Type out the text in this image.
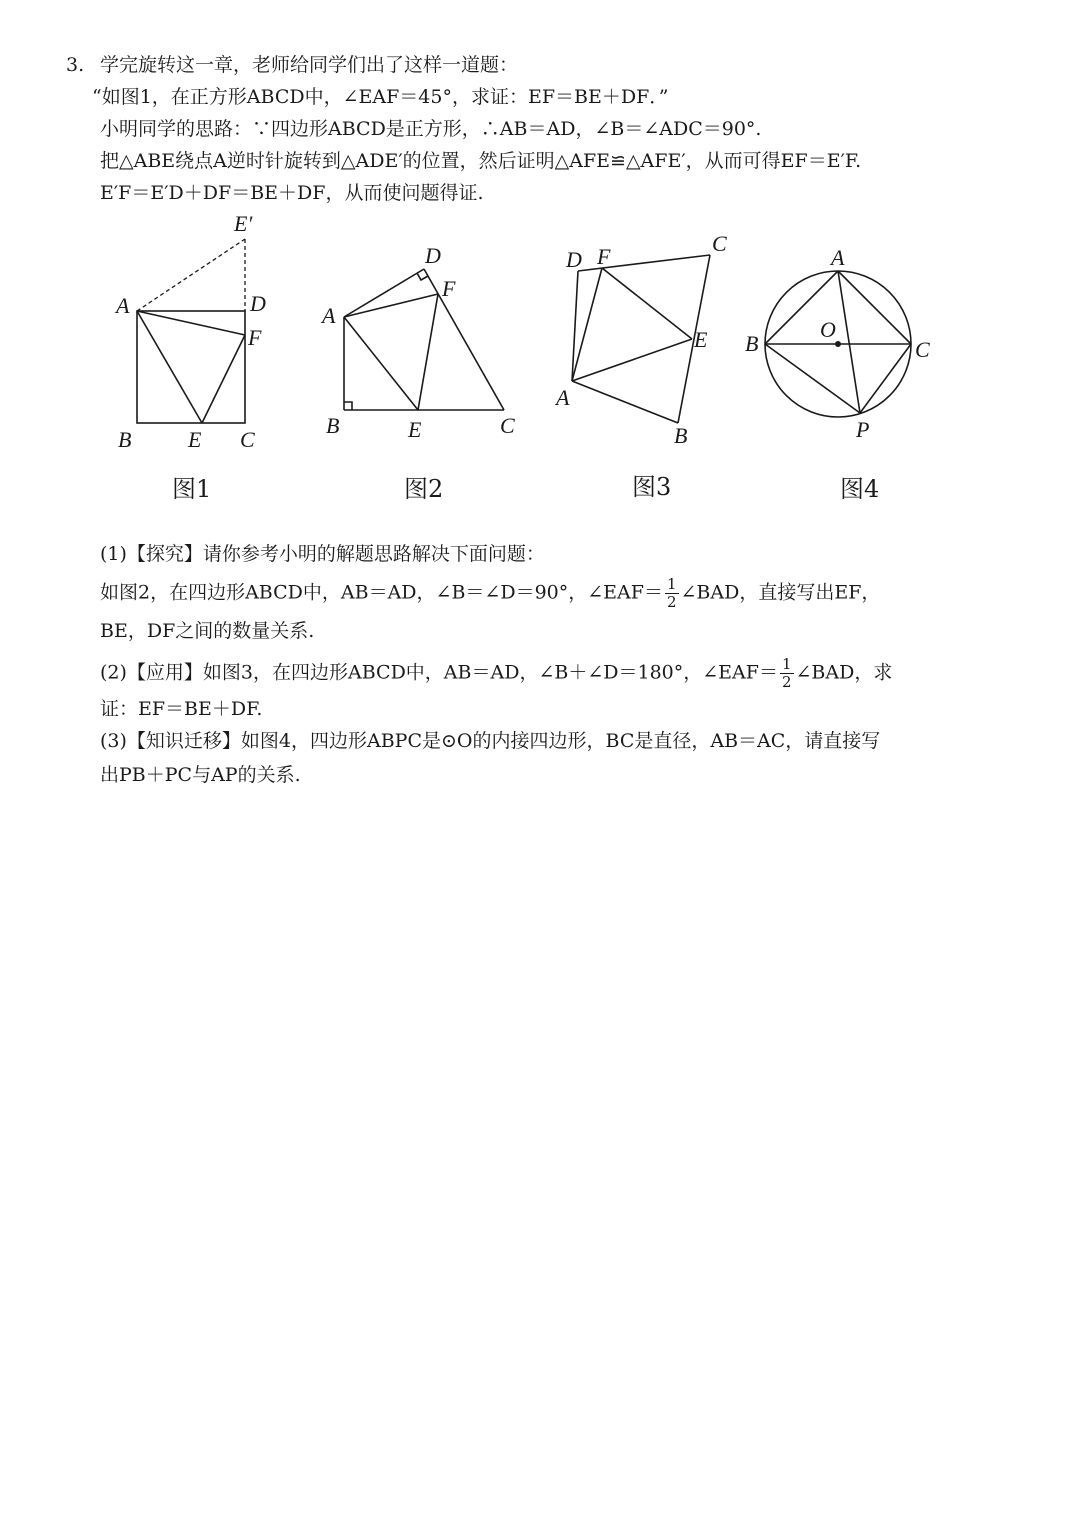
3. 学完旋转这一章，老师给同学们出了这样一道题：
“如图1，在正方形ABCD中，∠EAF＝45°，求证：EF＝BE＋DF．”
小明同学的思路：∵四边形ABCD是正方形，∴AB＝AD，∠B＝∠ADC＝90°.
把△ABE绕点A逆时针旋转到△ADE′的位置，然后证明△AFE≌△AFE′，从而可得EF＝E′F.
E′F＝E′D＋DF＝BE＋DF，从而使问题得证.
E′
A	D
F
B	E C
图1
D
F
A
B	E	C
图2
D F
C
E
A
B
图3
A
O
B	C
P
图4
(1)【探究】请你参考小明的解题思路解决下面问题：
如图2，在四边形ABCD中，AB＝AD，∠B＝∠D＝90°，∠EAF＝ $\frac{1}{2}$ ∠BAD，直接写出EF，
BE，DF之间的数量关系.
(2)【应用】如图3，在四边形ABCD中，AB＝AD，∠B＋∠D＝180°，∠EAF＝ $\frac{1}{2}$ ∠BAD，求
证：EF＝BE＋DF.
(3)【知识迁移】如图4，四边形ABPC是⊙O的内接四边形，BC是直径，AB＝AC，请直接写
出PB＋PC与AP的关系.
